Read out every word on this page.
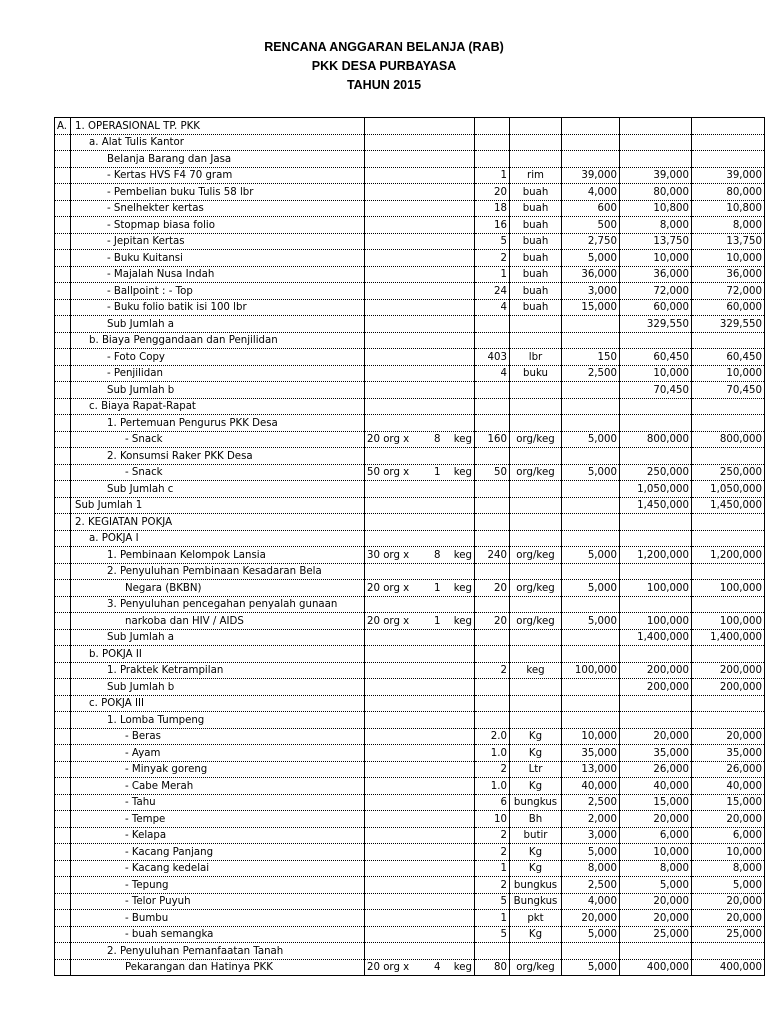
RENCANA ANGGARAN BELANJA (RAB)
PKK DESA PURBAYASA
TAHUN 2015
A.	1. OPERASIONAL TP. PKK						
	a. Alat Tulis Kantor						
	Belanja Barang dan Jasa						
	- Kertas HVS F4 70 gram		1	rim	39,000	39,000	39,000
	- Pembelian buku Tulis 58 lbr		20	buah	4,000	80,000	80,000
	- Snelhekter kertas		18	buah	600	10,800	10,800
	- Stopmap biasa folio		16	buah	500	8,000	8,000
	- Jepitan Kertas		5	buah	2,750	13,750	13,750
	- Buku Kuitansi		2	buah	5,000	10,000	10,000
	- Majalah Nusa Indah		1	buah	36,000	36,000	36,000
	- Ballpoint : - Top		24	buah	3,000	72,000	72,000
	- Buku folio batik isi 100 lbr		4	buah	15,000	60,000	60,000
	Sub Jumlah a					329,550	329,550
	b. Biaya Penggandaan dan Penjilidan						
	- Foto Copy		403	lbr	150	60,450	60,450
	- Penjilidan		4	buku	2,500	10,000	10,000
	Sub Jumlah b					70,450	70,450
	c. Biaya Rapat-Rapat						
	1. Pertemuan Pengurus PKK Desa						
	- Snack	20 org x 8 keg	160	org/keg	5,000	800,000	800,000
	2. Konsumsi Raker PKK Desa						
	- Snack	50 org x 1 keg	50	org/keg	5,000	250,000	250,000
	Sub Jumlah c					1,050,000	1,050,000
	Sub Jumlah 1					1,450,000	1,450,000
	2. KEGIATAN POKJA						
	a. POKJA I						
	1. Pembinaan Kelompok Lansia	30 org x 8 keg	240	org/keg	5,000	1,200,000	1,200,000
	2. Penyuluhan Pembinaan Kesadaran Bela						
	Negara (BKBN)	20 org x 1 keg	20	org/keg	5,000	100,000	100,000
	3. Penyuluhan pencegahan penyalah gunaan						
	narkoba dan HIV / AIDS	20 org x 1 keg	20	org/keg	5,000	100,000	100,000
	Sub Jumlah a					1,400,000	1,400,000
	b. POKJA II						
	1. Praktek Ketrampilan		2	keg	100,000	200,000	200,000
	Sub Jumlah b					200,000	200,000
	c. POKJA III						
	1. Lomba Tumpeng						
	- Beras		2.0	Kg	10,000	20,000	20,000
	- Ayam		1.0	Kg	35,000	35,000	35,000
	- Minyak goreng		2	Ltr	13,000	26,000	26,000
	- Cabe Merah		1.0	Kg	40,000	40,000	40,000
	- Tahu		6	bungkus	2,500	15,000	15,000
	- Tempe		10	Bh	2,000	20,000	20,000
	- Kelapa		2	butir	3,000	6,000	6,000
	- Kacang Panjang		2	Kg	5,000	10,000	10,000
	- Kacang kedelai		1	Kg	8,000	8,000	8,000
	- Tepung		2	bungkus	2,500	5,000	5,000
	- Telor Puyuh		5	Bungkus	4,000	20,000	20,000
	- Bumbu		1	pkt	20,000	20,000	20,000
	- buah semangka		5	Kg	5,000	25,000	25,000
	2. Penyuluhan Pemanfaatan Tanah						
	Pekarangan dan Hatinya PKK	20 org x 4 keg	80	org/keg	5,000	400,000	400,000
